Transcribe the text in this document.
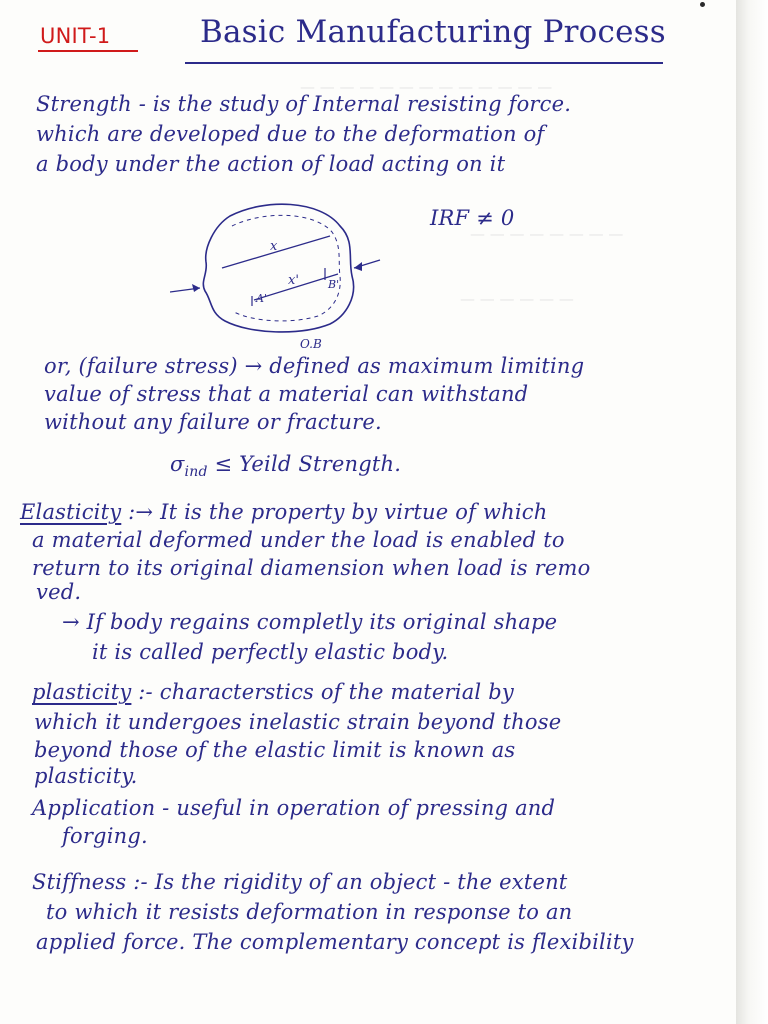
— — — — — — — — — — — — —
— — — — — — — —
— — — — — —
UNIT-1	Basic Manufacturing Process
Strength - is the study of Internal resisting force.
which are developed due to the deformation of
a body under the action of load acting on it
x
x'
A'
B'
O.B
IRF ≠ 0
or, (failure stress) → defined as maximum limiting
value of stress that a material can withstand
without any failure or fracture.
$\sigma_{ind}$ ≤ Yeild Strength.
Elasticity :→ It is the property by virtue of which
a material deformed under the load is enabled to
return to its original diamension when load is remo
ved.
→ If body regains completly its original shape
it is called perfectly elastic body.
plasticity :- characterstics of the material by
which it undergoes inelastic strain beyond those
beyond those of the elastic limit is known as
plasticity.
Application - useful in operation of pressing and
forging.
Stiffness :- Is the rigidity of an object - the extent
to which it resists deformation in response to an
applied force. The complementary concept is flexibility
